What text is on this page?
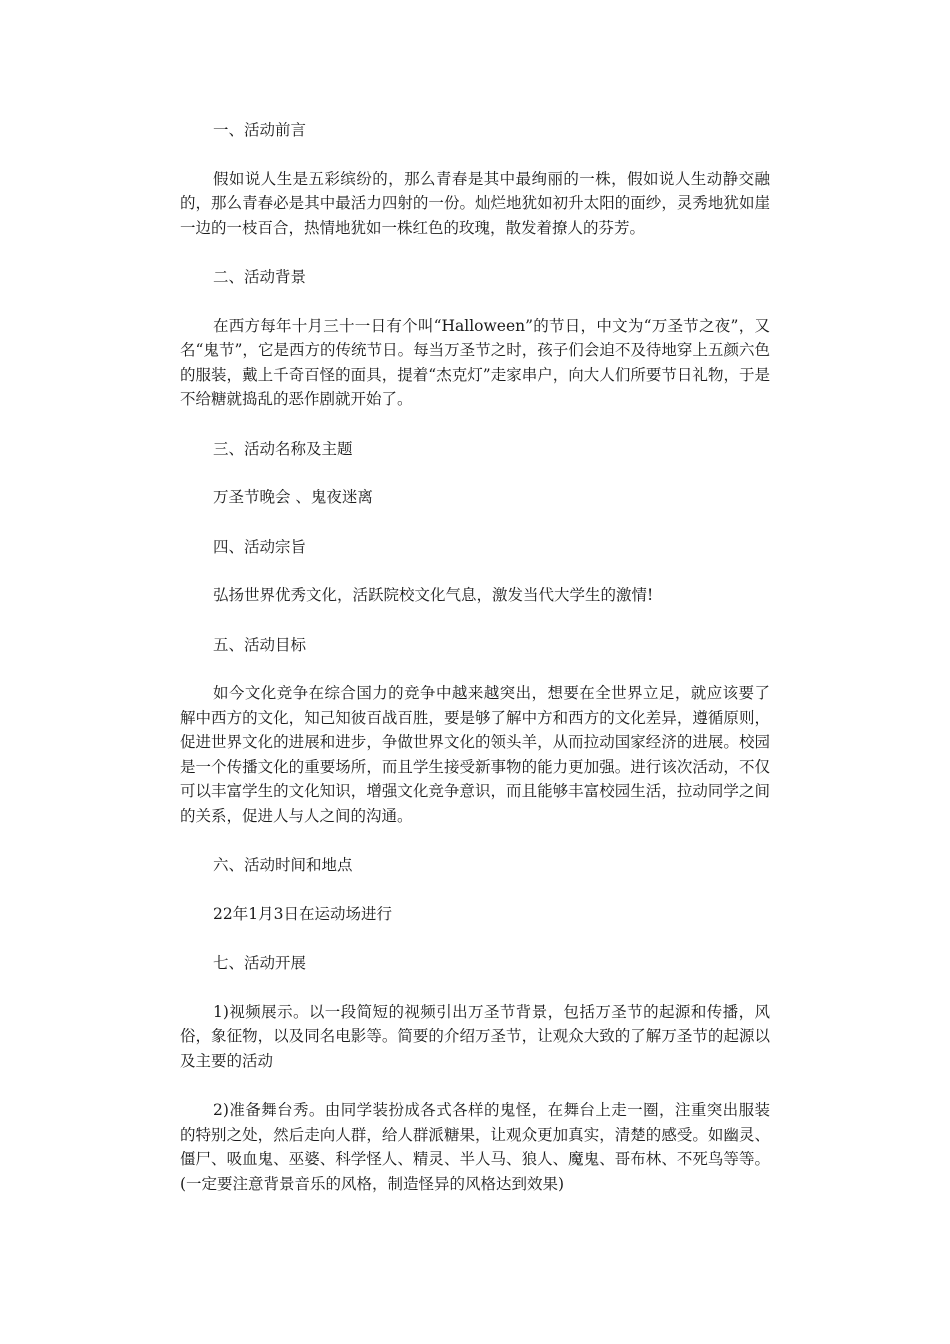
一、活动前言

假如说人生是五彩缤纷的，那么青春是其中最绚丽的一株，假如说人生动静交融的，那么青春必是其中最活力四射的一份。灿烂地犹如初升太阳的面纱，灵秀地犹如崖一边的一枝百合，热情地犹如一株红色的玫瑰，散发着撩人的芬芳。

二、活动背景

在西方每年十月三十一日有个叫“Halloween”的节日，中文为“万圣节之夜”，又名“鬼节”，它是西方的传统节日。每当万圣节之时，孩子们会迫不及待地穿上五颜六色的服装，戴上千奇百怪的面具，提着“杰克灯”走家串户，向大人们所要节日礼物，于是不给糖就捣乱的恶作剧就开始了。

三、活动名称及主题

万圣节晚会 、鬼夜迷离

四、活动宗旨

弘扬世界优秀文化，活跃院校文化气息，激发当代大学生的激情!

五、活动目标

如今文化竞争在综合国力的竞争中越来越突出，想要在全世界立足，就应该要了解中西方的文化，知己知彼百战百胜，要是够了解中方和西方的文化差异，遵循原则，促进世界文化的进展和进步，争做世界文化的领头羊，从而拉动国家经济的进展。校园是一个传播文化的重要场所，而且学生接受新事物的能力更加强。进行该次活动，不仅可以丰富学生的文化知识，增强文化竞争意识，而且能够丰富校园生活，拉动同学之间的关系，促进人与人之间的沟通。

六、活动时间和地点

22年1月3日在运动场进行

七、活动开展

1)视频展示。以一段简短的视频引出万圣节背景，包括万圣节的起源和传播，风俗，象征物，以及同名电影等。简要的介绍万圣节，让观众大致的了解万圣节的起源以及主要的活动

2)准备舞台秀。由同学装扮成各式各样的鬼怪，在舞台上走一圈，注重突出服装的特别之处，然后走向人群，给人群派糖果，让观众更加真实，清楚的感受。如幽灵、僵尸、吸血鬼、巫婆、科学怪人、精灵、半人马、狼人、魔鬼、哥布林、不死鸟等等。(一定要注意背景音乐的风格，制造怪异的风格达到效果)
